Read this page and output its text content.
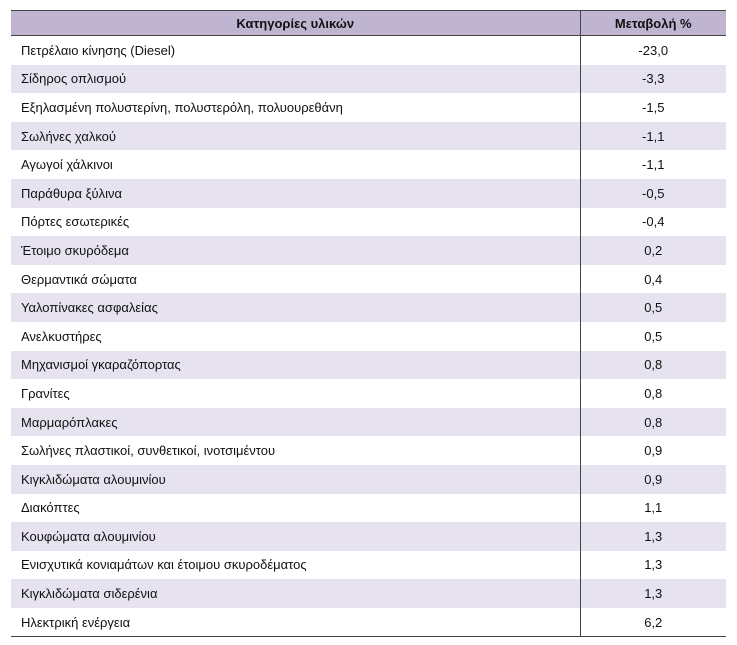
Κατηγορίες υλικών	Μεταβολή %
Πετρέλαιο κίνησης (Diesel)	-23,0
Σίδηρος οπλισμού	-3,3
Εξηλασμένη πολυστερίνη, πολυστερόλη, πολυουρεθάνη	-1,5
Σωλήνες χαλκού	-1,1
Αγωγοί χάλκινοι	-1,1
Παράθυρα ξύλινα	-0,5
Πόρτες εσωτερικές	-0,4
Έτοιμο σκυρόδεμα	0,2
Θερμαντικά σώματα	0,4
Υαλοπίνακες ασφαλείας	0,5
Ανελκυστήρες	0,5
Μηχανισμοί γκαραζόπορτας	0,8
Γρανίτες	0,8
Μαρμαρόπλακες	0,8
Σωλήνες πλαστικοί, συνθετικοί, ινοτσιμέντου	0,9
Κιγκλιδώματα αλουμινίου	0,9
Διακόπτες	1,1
Κουφώματα αλουμινίου	1,3
Ενισχυτικά κονιαμάτων και έτοιμου σκυροδέματος	1,3
Κιγκλιδώματα σιδερένια	1,3
Ηλεκτρική ενέργεια	6,2
